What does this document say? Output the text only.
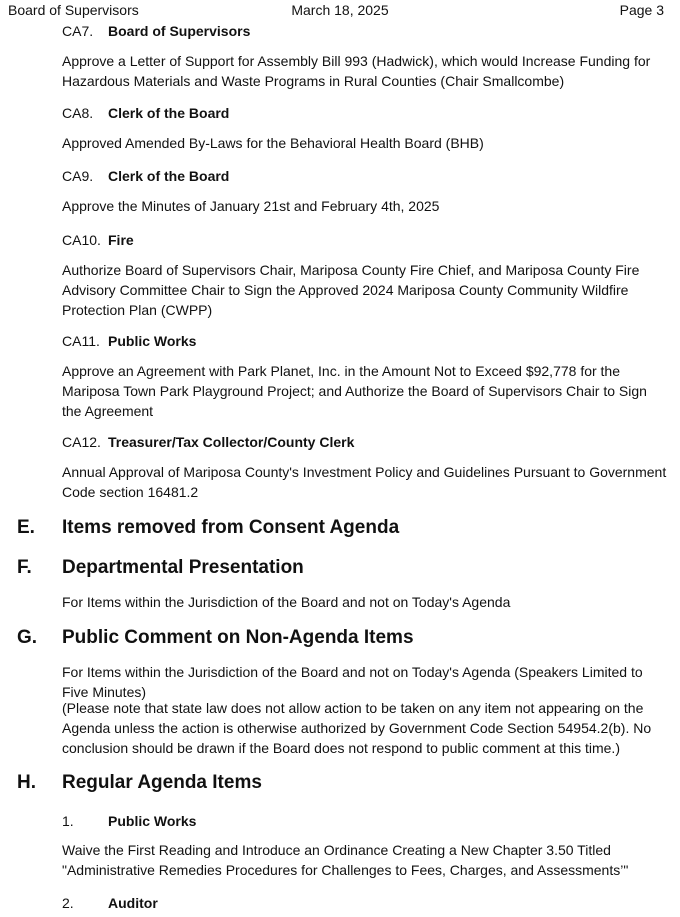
Board of Supervisors	March 18, 2025	Page 3
CA7. Board of Supervisors
Approve a Letter of Support for Assembly Bill 993 (Hadwick), which would Increase Funding for Hazardous Materials and Waste Programs in Rural Counties (Chair Smallcombe)
CA8. Clerk of the Board
Approved Amended By-Laws for the Behavioral Health Board (BHB)
CA9. Clerk of the Board
Approve the Minutes of January 21st and February 4th, 2025
CA10. Fire
Authorize Board of Supervisors Chair, Mariposa County Fire Chief, and Mariposa County Fire Advisory Committee Chair to Sign the Approved 2024 Mariposa County Community Wildfire Protection Plan (CWPP)
CA11. Public Works
Approve an Agreement with Park Planet, Inc. in the Amount Not to Exceed $92,778 for the Mariposa Town Park Playground Project; and Authorize the Board of Supervisors Chair to Sign the Agreement
CA12. Treasurer/Tax Collector/County Clerk
Annual Approval of Mariposa County's Investment Policy and Guidelines Pursuant to Government Code section 16481.2
E. Items removed from Consent Agenda
F. Departmental Presentation
For Items within the Jurisdiction of the Board and not on Today's Agenda
G. Public Comment on Non-Agenda Items
For Items within the Jurisdiction of the Board and not on Today's Agenda (Speakers Limited to Five Minutes)
(Please note that state law does not allow action to be taken on any item not appearing on the Agenda unless the action is otherwise authorized by Government Code Section 54954.2(b). No conclusion should be drawn if the Board does not respond to public comment at this time.)
H. Regular Agenda Items
1. Public Works
Waive the First Reading and Introduce an Ordinance Creating a New Chapter 3.50 Titled "Administrative Remedies Procedures for Challenges to Fees, Charges, and Assessments’"
2. Auditor
